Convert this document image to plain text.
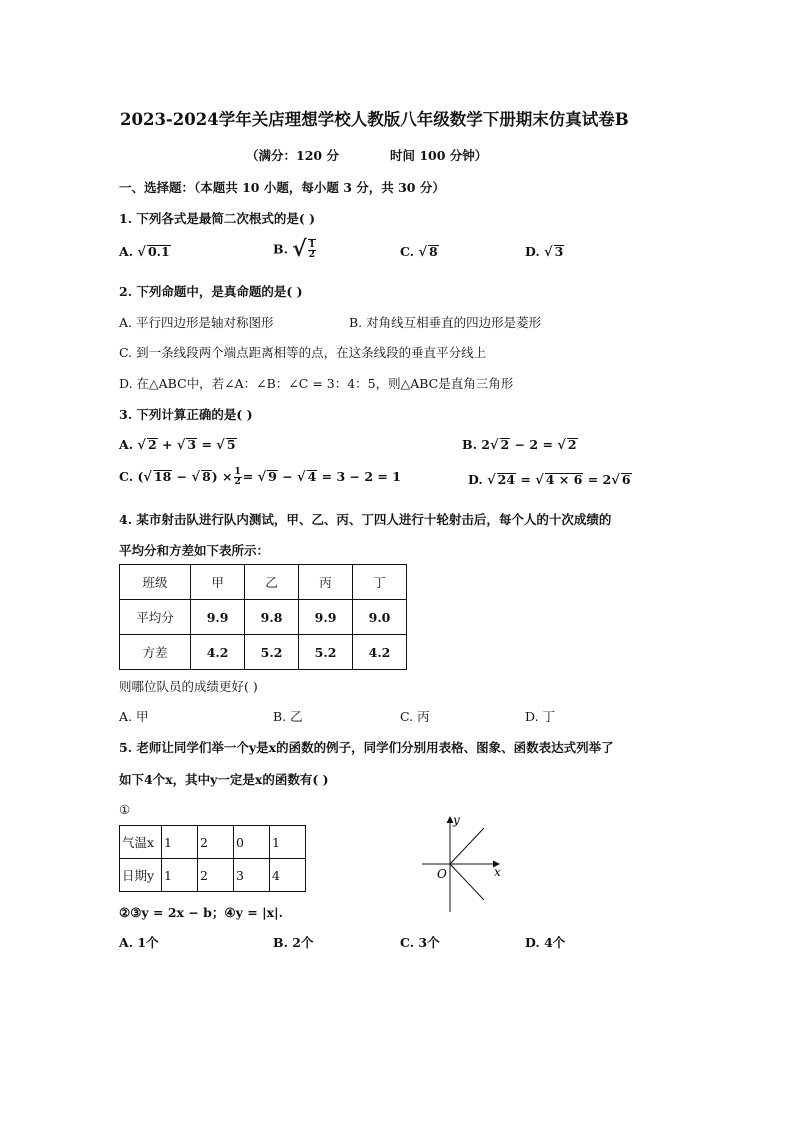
2023-2024学年关店理想学校人教版八年级数学下册期末仿真试卷B
（满分：120 分	时间 100 分钟）
一、选择题：（本题共 10 小题，每小题 3 分，共 30 分）
1. 下列各式是最简二次根式的是( )
A. √ 0.1	B. √ $\frac{1}{2}$	C. √ 8	D. √ 3
2. 下列命题中，是真命题的是( )
A. 平行四边形是轴对称图形	B. 对角线互相垂直的四边形是菱形
C. 到一条线段两个端点距离相等的点，在这条线段的垂直平分线上
D. 在△ABC中，若∠A：∠B：∠C = 3：4：5，则△ABC是直角三角形
3. 下列计算正确的是( )
A. √ 2 + √ 3 = √ 5	B. 2√ 2 − 2 = √ 2
C. (√ 18 − √ $8) \times \frac{1}{2}$ = √ 9 − √ 4 = 3 − 2 = 1	D. √ 24 = √ 4 × 6 = 2√ 6
4. 某市射击队进行队内测试，甲、乙、丙、丁四人进行十轮射击后，每个人的十次成绩的
平均分和方差如下表所示：
班级	甲	乙	丙	丁
平均分	9.9	9.8	9.9	9.0
方差	4.2	5.2	5.2	4.2
则哪位队员的成绩更好( )
A. 甲	B. 乙	C. 丙	D. 丁
5. 老师让同学们举一个y是x的函数的例子，同学们分别用表格、图象、函数表达式列举了
如下4个x，其中y一定是x的函数有( )
①
气温x	1	2	0	1
日期y	1	2	3	4
y
x
O
②③y = 2x − b；④y = |x|.
A. 1个	B. 2个	C. 3个	D. 4个
